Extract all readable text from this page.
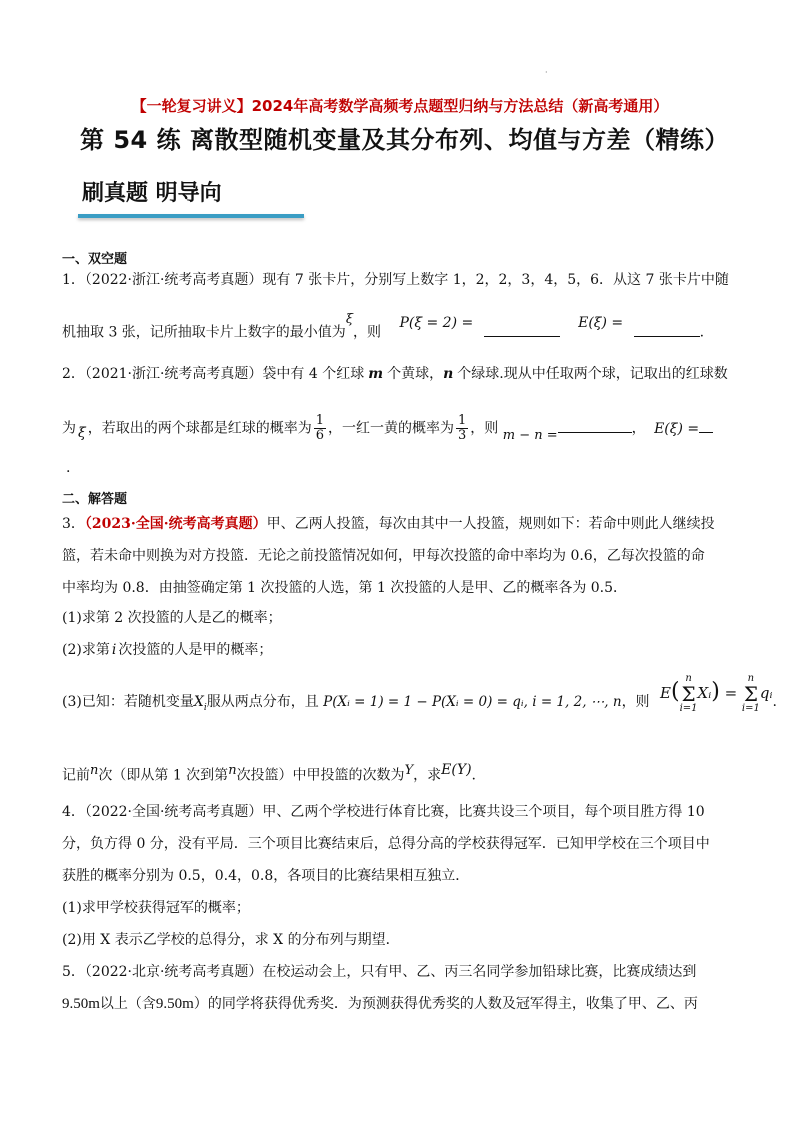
·
【一轮复习讲义】2024年高考数学高频考点题型归纳与方法总结（新高考通用）
第 54 练 离散型随机变量及其分布列、均值与方差（精练）
刷真题 明导向
一、双空题
1．（2022·浙江·统考高考真题）现有 7 张卡片，分别写上数字 1，2，2，3，4，5，6．从这 7 张卡片中随
机抽取 3 张，记所抽取卡片上数字的最小值为$^\xi$，则 P(ξ = 2) =	E(ξ) = .
2．（2021·浙江·统考高考真题）袋中有 4 个红球 m 个黄球，n 个绿球.现从中任取两个球，记取出的红球数
为 ξ ，若取出的两个球都是红球的概率为 $\frac{1}{6}$ ，一红一黄的概率为 $\frac{1}{3}$ ，则 m − n =	， E(ξ) =
.
二、解答题
3．（2023·全国·统考高考真题）甲、乙两人投篮，每次由其中一人投篮，规则如下：若命中则此人继续投
篮，若未命中则换为对方投篮．无论之前投篮情况如何，甲每次投篮的命中率均为 0.6，乙每次投篮的命
中率均为 0.8．由抽签确定第 1 次投篮的人选，第 1 次投篮的人是甲、乙的概率各为 0.5．
(1)求第 2 次投篮的人是乙的概率；
(2)求第 i 次投篮的人是甲的概率；
(3)已知：若随机变量$X_i$服从两点分布，且 P(Xᵢ = 1) = 1 − P(Xᵢ = 0) = qᵢ, i = 1, 2, ⋯, n，则 E(n
Σ
i=1Xᵢ) = n
Σ
i=1qᵢ.
记前$^n$次（即从第 1 次到第$^n$次投篮）中甲投篮的次数为$^Y$，求$^{E(Y)}$.
4．（2022·全国·统考高考真题）甲、乙两个学校进行体育比赛，比赛共设三个项目，每个项目胜方得 10
分，负方得 0 分，没有平局．三个项目比赛结束后，总得分高的学校获得冠军．已知甲学校在三个项目中
获胜的概率分别为 0.5，0.4，0.8，各项目的比赛结果相互独立．
(1)求甲学校获得冠军的概率；
(2)用 X 表示乙学校的总得分，求 X 的分布列与期望．
5．（2022·北京·统考高考真题）在校运动会上，只有甲、乙、丙三名同学参加铅球比赛，比赛成绩达到
9.50m以上（含9.50m）的同学将获得优秀奖．为预测获得优秀奖的人数及冠军得主，收集了甲、乙、丙
